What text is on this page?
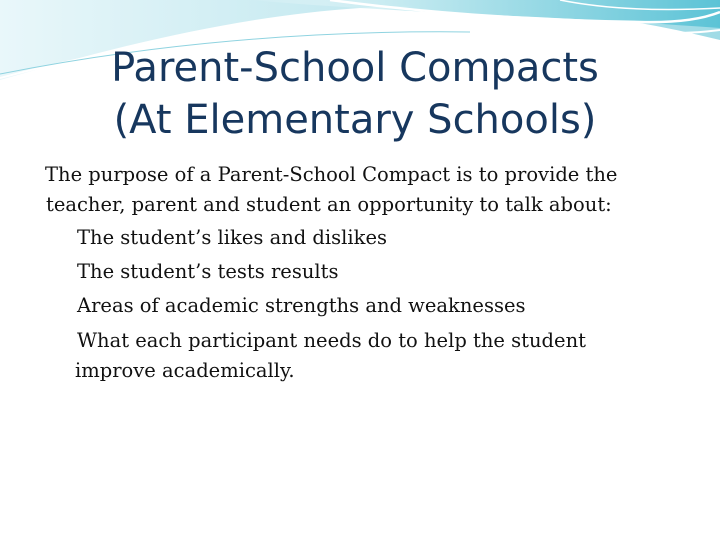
Parent-School Compacts
(At Elementary Schools)
The purpose of a Parent-School Compact is to provide the
teacher, parent and student an opportunity to talk about:
The student’s likes and dislikes
The student’s tests results
Areas of academic strengths and weaknesses
What each participant needs do to help the student
improve academically.
